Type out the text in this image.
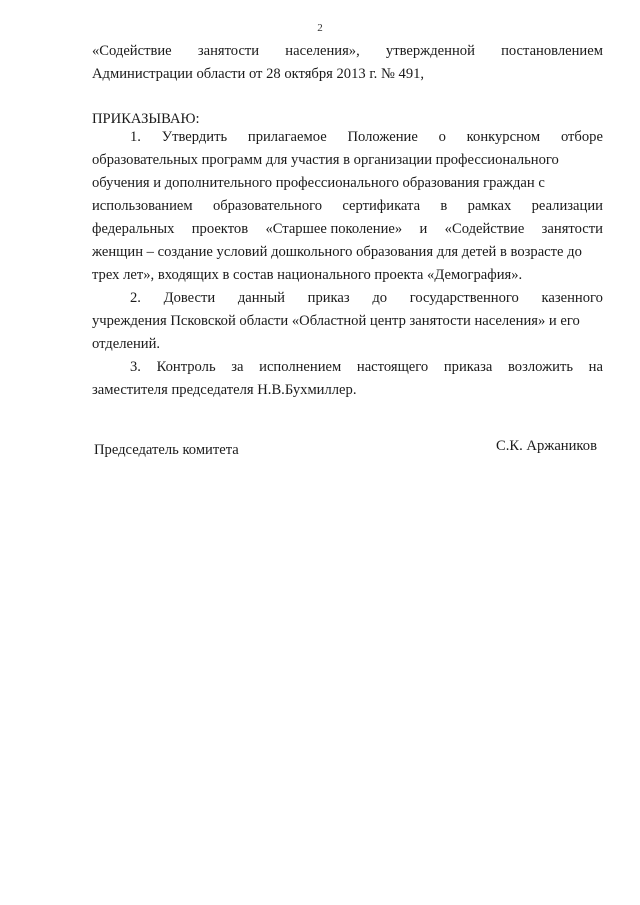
2
«Содействие занятости населения», утвержденной постановлением
Администрации области от 28 октября 2013 г. № 491,
ПРИКАЗЫВАЮ:
1. Утвердить прилагаемое Положение о конкурсном отборе
образовательных программ для участия в организации профессионального
обучения и дополнительного профессионального образования граждан с
использованием образовательного сертификата в рамках реализации
федеральных проектов «Старшее поколение» и «Содействие занятости
женщин – создание условий дошкольного образования для детей в возрасте до
трех лет», входящих в состав национального проекта «Демография».
2. Довести данный приказ до государственного казенного
учреждения Псковской области «Областной центр занятости населения» и его
отделений.
3. Контроль за исполнением настоящего приказа возложить на
заместителя председателя Н.В.Бухмиллер.
Председатель комитета	С.К. Аржаников
